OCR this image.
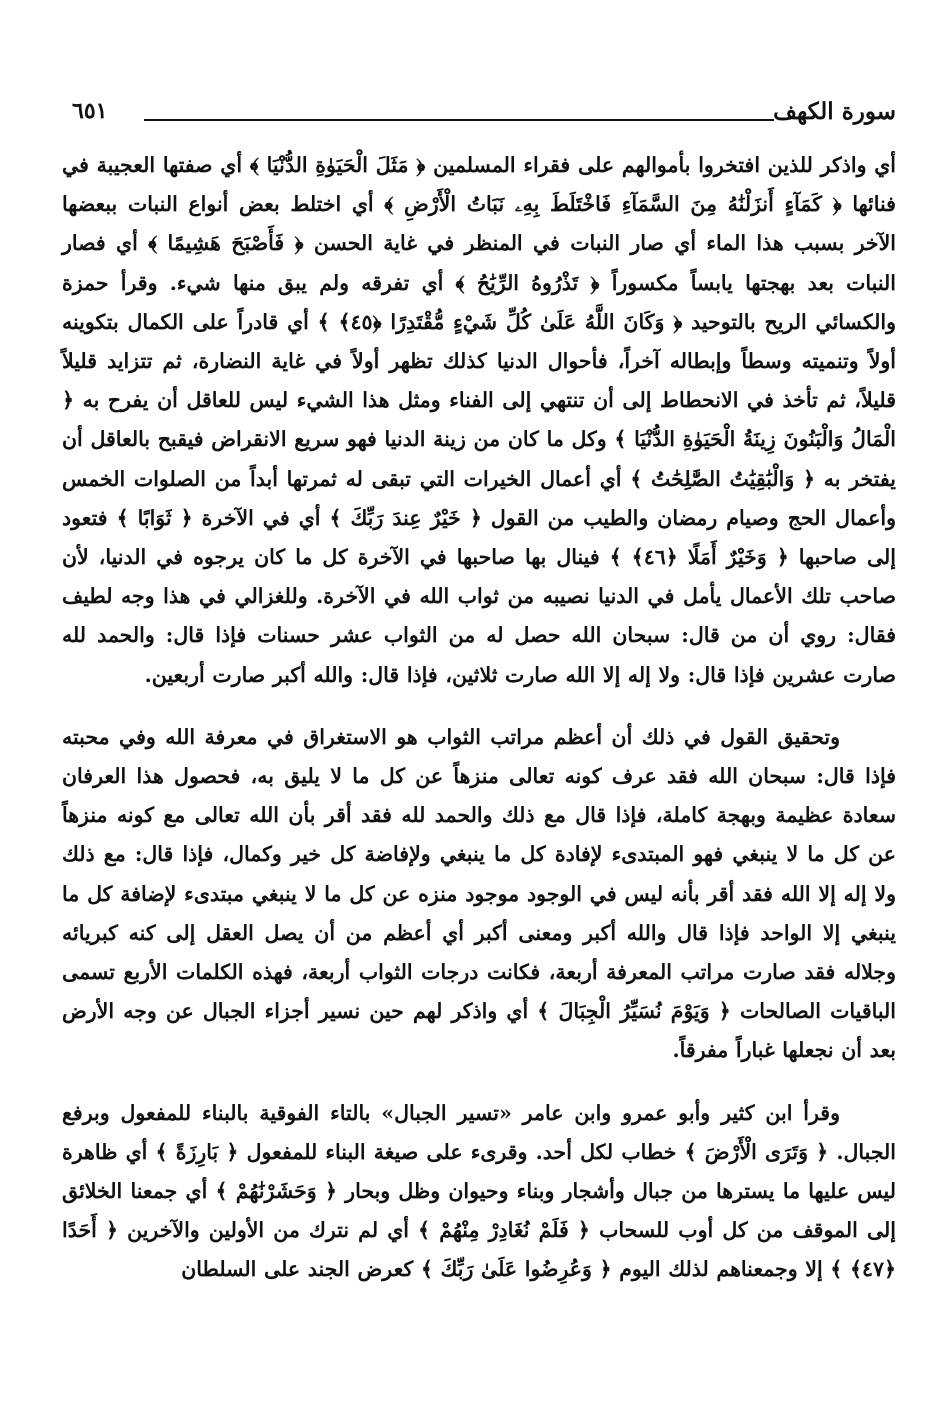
سورة الكهف
٦٥١

أي واذكر للذين افتخروا بأموالهم على فقراء المسلمين ﴿ مَثَلَ الْحَيَوٰةِ الدُّنْيَا ﴾ أي صفتها العجيبة في فنائها ﴿ كَمَآءٍ أَنزَلْنَٰهُ مِنَ السَّمَآءِ فَاخْتَلَطَ بِهِۦ نَبَاتُ الْأَرْضِ ﴾ أي اختلط بعض أنواع النبات ببعضها الآخر بسبب هذا الماء أي صار النبات في المنظر في غاية الحسن ﴿ فَأَصْبَحَ هَشِيمًا ﴾ أي فصار النبات بعد بهجتها يابساً مكسوراً ﴿ تَذْرُوهُ الرِّيَٰحُ ﴾ أي تفرقه ولم يبق منها شيء. وقرأ حمزة والكسائي الريح بالتوحيد ﴿ وَكَانَ اللَّهُ عَلَىٰ كُلِّ شَيْءٍ مُّقْتَدِرًا ﴿٤٥﴾ ﴾ أي قادراً على الكمال بتكوينه أولاً وتنميته وسطاً وإبطاله آخراً، فأحوال الدنيا كذلك تظهر أولاً في غاية النضارة، ثم تتزايد قليلاً قليلاً، ثم تأخذ في الانحطاط إلى أن تنتهي إلى الفناء ومثل هذا الشيء ليس للعاقل أن يفرح به ﴿ الْمَالُ وَالْبَنُونَ زِينَةُ الْحَيَوٰةِ الدُّنْيَا ﴾ وكل ما كان من زينة الدنيا فهو سريع الانقراض فيقبح بالعاقل أن يفتخر به ﴿ وَالْبَٰقِيَٰتُ الصَّٰلِحَٰتُ ﴾ أي أعمال الخيرات التي تبقى له ثمرتها أبداً من الصلوات الخمس وأعمال الحج وصيام رمضان والطيب من القول ﴿ خَيْرٌ عِندَ رَبِّكَ ﴾ أي في الآخرة ﴿ ثَوَابًا ﴾ فتعود إلى صاحبها ﴿ وَخَيْرٌ أَمَلًا ﴿٤٦﴾ ﴾ فينال بها صاحبها في الآخرة كل ما كان يرجوه في الدنيا، لأن صاحب تلك الأعمال يأمل في الدنيا نصيبه من ثواب الله في الآخرة. وللغزالي في هذا وجه لطيف فقال: روي أن من قال: سبحان الله حصل له من الثواب عشر حسنات فإذا قال: والحمد لله صارت عشرين فإذا قال: ولا إله إلا الله صارت ثلاثين، فإذا قال: والله أكبر صارت أربعين.

وتحقيق القول في ذلك أن أعظم مراتب الثواب هو الاستغراق في معرفة الله وفي محبته فإذا قال: سبحان الله فقد عرف كونه تعالى منزهاً عن كل ما لا يليق به، فحصول هذا العرفان سعادة عظيمة وبهجة كاملة، فإذا قال مع ذلك والحمد لله فقد أقر بأن الله تعالى مع كونه منزهاً عن كل ما لا ينبغي فهو المبتدىء لإفادة كل ما ينبغي ولإفاضة كل خير وكمال، فإذا قال: مع ذلك ولا إله إلا الله فقد أقر بأنه ليس في الوجود موجود منزه عن كل ما لا ينبغي مبتدىء لإضافة كل ما ينبغي إلا الواحد فإذا قال والله أكبر ومعنى أكبر أي أعظم من أن يصل العقل إلى كنه كبريائه وجلاله فقد صارت مراتب المعرفة أربعة، فكانت درجات الثواب أربعة، فهذه الكلمات الأربع تسمى الباقيات الصالحات ﴿ وَيَوْمَ نُسَيِّرُ الْجِبَالَ ﴾ أي واذكر لهم حين نسير أجزاء الجبال عن وجه الأرض بعد أن نجعلها غباراً مفرقاً.

وقرأ ابن كثير وأبو عمرو وابن عامر «تسير الجبال» بالتاء الفوقية بالبناء للمفعول وبرفع الجبال. ﴿ وَتَرَى الْأَرْضَ ﴾ خطاب لكل أحد. وقرىء على صيغة البناء للمفعول ﴿ بَارِزَةً ﴾ أي ظاهرة ليس عليها ما يسترها من جبال وأشجار وبناء وحيوان وظل وبحار ﴿ وَحَشَرْنَٰهُمْ ﴾ أي جمعنا الخلائق إلى الموقف من كل أوب للسحاب ﴿ فَلَمْ نُغَادِرْ مِنْهُمْ ﴾ أي لم نترك من الأولين والآخرين ﴿ أَحَدًا ﴿٤٧﴾ ﴾ إلا وجمعناهم لذلك اليوم ﴿ وَعُرِضُوا عَلَىٰ رَبِّكَ ﴾ كعرض الجند على السلطان
